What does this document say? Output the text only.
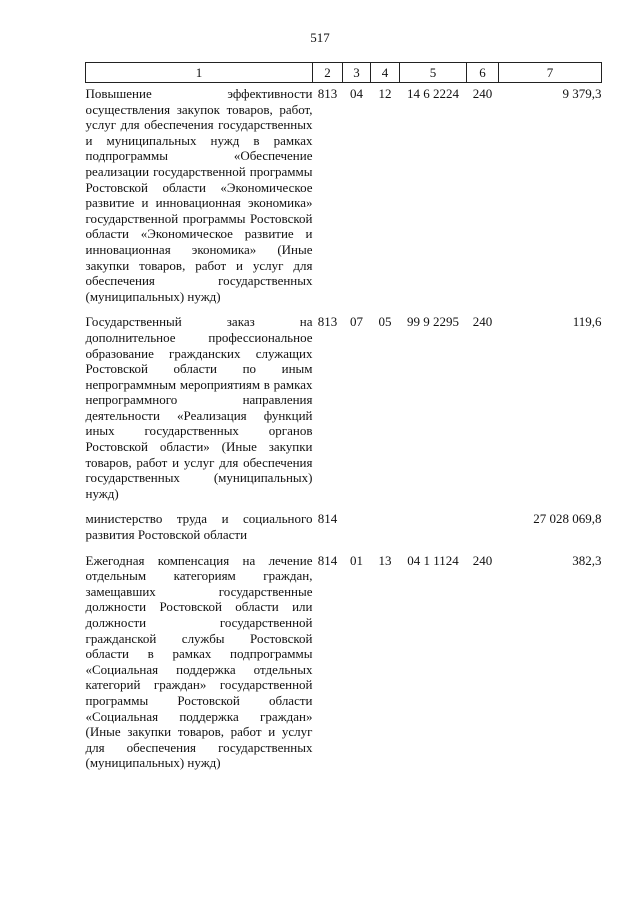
517
1	2	3	4	5	6	7
Повышение эффективности осуществления закупок товаров, работ, услуг для обеспечения государственных и муниципальных нужд в рамках подпрограммы «Обеспечение реализации государственной программы Ростовской области «Экономическое развитие и инновационная экономика» государственной программы Ростовской области «Экономическое развитие и инновационная экономика» (Иные закупки товаров, работ и услуг для обеспечения государственных (муниципальных) нужд)	813	04	12	14 6 2224	240	9 379,3
Государственный заказ на дополнительное профессиональное образование гражданских служащих Ростовской области по иным непрограммным мероприятиям в рамках непрограммного направления деятельности «Реализация функций иных государственных органов Ростовской области» (Иные закупки товаров, работ и услуг для обеспечения государственных (муниципальных) нужд)	813	07	05	99 9 2295	240	119,6
министерство труда и социального развития Ростовской области	814					27 028 069,8
Ежегодная компенсация на лечение отдельным категориям граждан, замещавших государственные должности Ростовской области или должности государственной гражданской службы Ростовской области в рамках подпрограммы «Социальная поддержка отдельных категорий граждан» государственной программы Ростовской области «Социальная поддержка граждан» (Иные закупки товаров, работ и услуг для обеспечения государственных (муниципальных) нужд)	814	01	13	04 1 1124	240	382,3
